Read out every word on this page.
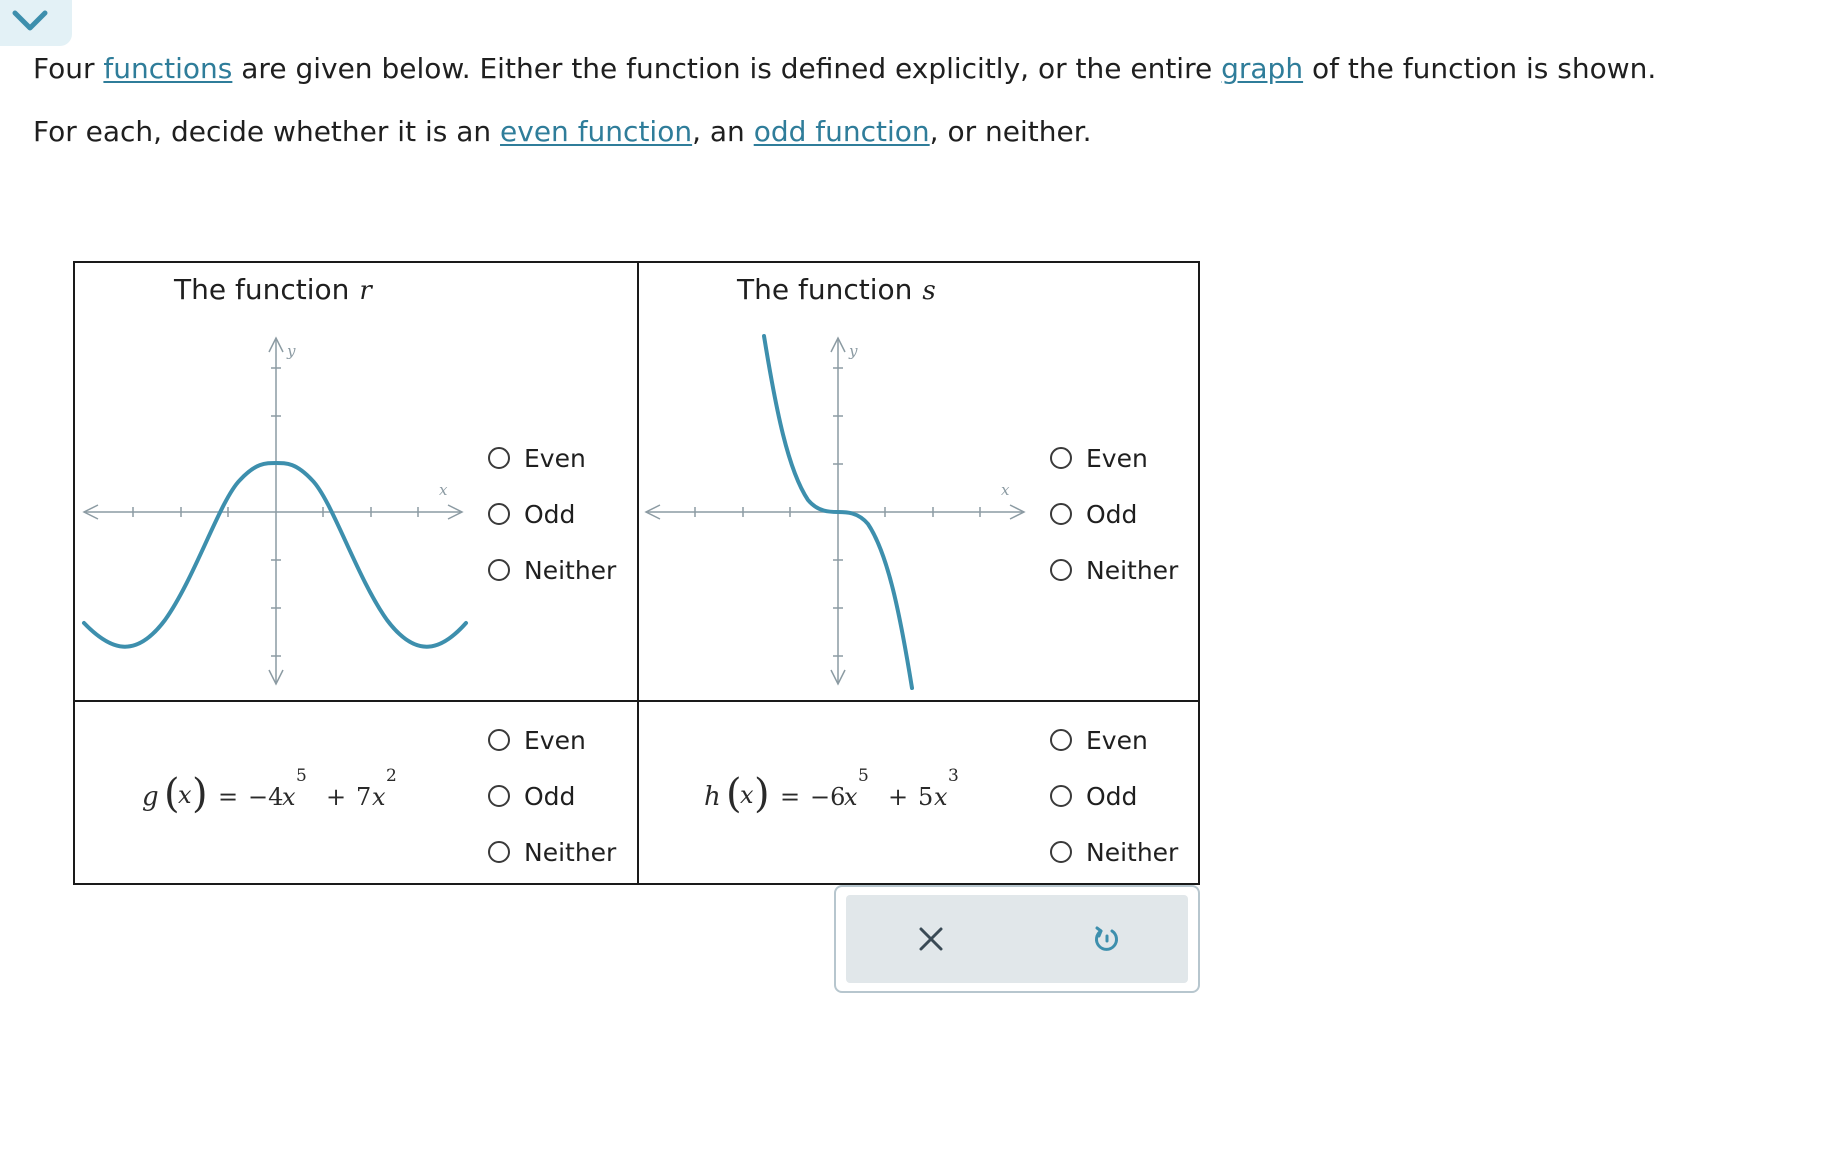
Four functions are given below. Either the function is defined explicitly, or the entire graph of the function is shown.
For each, decide whether it is an even function, an odd function, or neither.
The function r
y
x
Even
Odd
Neither
The function s
y
x
Even
Odd
Neither
g (
x ) = −4
x
5
+ 7 x
2
Even
Odd
Neither
h (
x ) = −6
x
5
+ 5 x
3
Even
Odd
Neither
